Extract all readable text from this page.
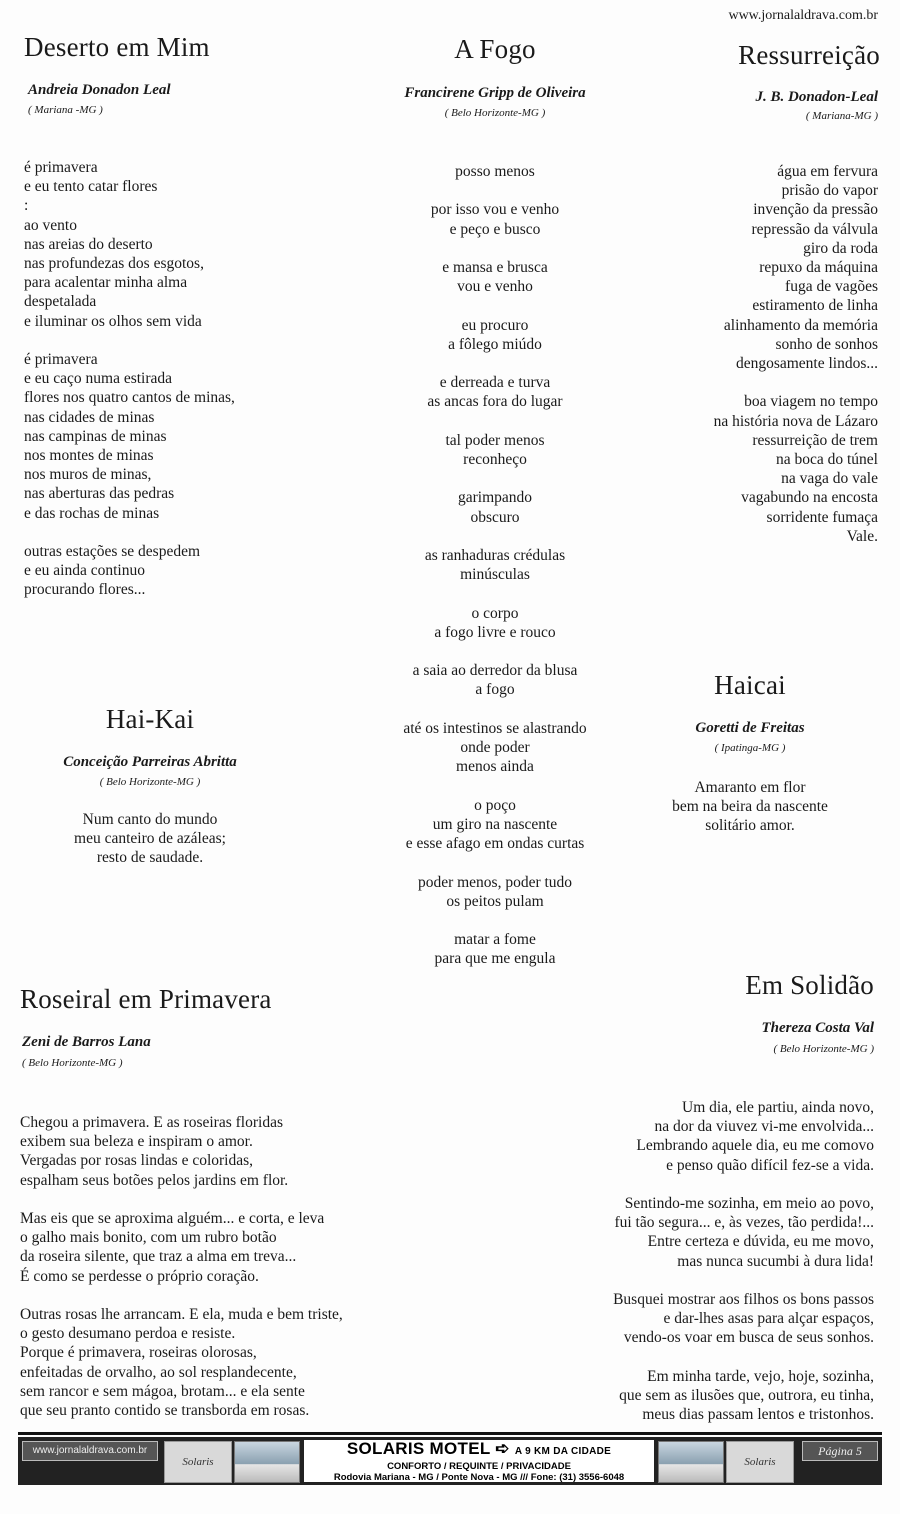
www.jornalaldrava.com.br
Deserto em Mim
Andreia Donadon Leal
( Mariana -MG )
é primavera
e eu tento catar flores
:
ao vento
nas areias do deserto
nas profundezas dos esgotos,
para acalentar minha alma
despetalada
e iluminar os olhos sem vida

é primavera
e eu caço numa estirada
flores nos quatro cantos de minas,
nas cidades de minas
nas campinas de minas
nos montes de minas
nos muros de minas,
nas aberturas das pedras
e das rochas de minas

outras estações se despedem
e eu ainda continuo
procurando flores...
A Fogo
Francirene Gripp de Oliveira
( Belo Horizonte-MG )
posso menos

por isso vou e venho
e peço e busco

e mansa e brusca
vou e venho

eu procuro
a fôlego miúdo

e derreada e turva
as ancas fora do lugar

tal poder menos
reconheço

garimpando
obscuro

as ranhaduras crédulas
minúsculas

o corpo
a fogo livre e rouco

a saia ao derredor da blusa
a fogo

até os intestinos se alastrando
onde poder
menos ainda

o poço
um giro na nascente
e esse afago em ondas curtas

poder menos, poder tudo
os peitos pulam

matar a fome
para que me engula
Ressurreição
J. B. Donadon-Leal
( Mariana-MG )
água em fervura
prisão do vapor
invenção da pressão
repressão da válvula
giro da roda
repuxo da máquina
fuga de vagões
estiramento de linha
alinhamento da memória
sonho de sonhos
dengosamente lindos...

boa viagem no tempo
na história nova de Lázaro
ressurreição de trem
na boca do túnel
na vaga do vale
vagabundo na encosta
sorridente fumaça
Vale.
Hai-Kai
Conceição Parreiras Abritta
( Belo Horizonte-MG )
Num canto do mundo
meu canteiro de azáleas;
resto de saudade.
Haicai
Goretti de Freitas
( Ipatinga-MG )
Amaranto em flor
bem na beira da nascente
solitário amor.
Roseiral em Primavera
Zeni de Barros Lana
( Belo Horizonte-MG )
Chegou a primavera. E as roseiras floridas
exibem sua beleza e inspiram o amor.
Vergadas por rosas lindas e coloridas,
espalham seus botões pelos jardins em flor.

Mas eis que se aproxima alguém... e corta, e leva
o galho mais bonito, com um rubro botão
da roseira silente, que traz a alma em treva...
É como se perdesse o próprio coração.

Outras rosas lhe arrancam. E ela, muda e bem triste,
o gesto desumano perdoa e resiste.
Porque é primavera, roseiras olorosas,
enfeitadas de orvalho, ao sol resplandecente,
sem rancor e sem mágoa, brotam... e ela sente
que seu pranto contido se transborda em rosas.
Em Solidão
Thereza Costa Val
( Belo Horizonte-MG )
Um dia, ele partiu, ainda novo,
na dor da viuvez vi-me envolvida...
Lembrando aquele dia, eu me comovo
e penso quão difícil fez-se a vida.

Sentindo-me sozinha, em meio ao povo,
fui tão segura... e, às vezes, tão perdida!...
Entre certeza e dúvida, eu me movo,
mas nunca sucumbi à dura lida!

Busquei mostrar aos filhos os bons passos
e dar-lhes asas para alçar espaços,
vendo-os voar em busca de seus sonhos.

Em minha tarde, vejo, hoje, sozinha,
que sem as ilusões que, outrora, eu tinha,
meus dias passam lentos e tristonhos.
www.jornalaldrava.com.br
Solaris
SOLARIS MOTEL ➪ A 9 KM DA CIDADE
CONFORTO / REQUINTE / PRIVACIDADE
Rodovia Mariana - MG / Ponte Nova - MG /// Fone: (31) 3556-6048
Solaris
Página 5
